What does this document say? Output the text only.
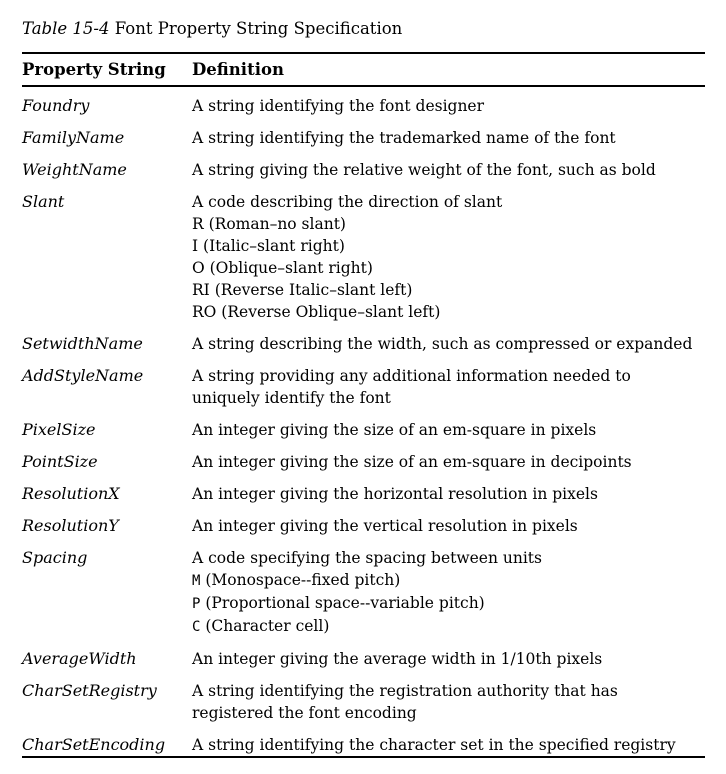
Table 15-4 Font Property String Specification
Property String	Definition
Foundry	A string identifying the font designer
FamilyName	A string identifying the trademarked name of the font
WeightName	A string giving the relative weight of the font, such as bold
Slant	A code describing the direction of slant
R (Roman–no slant)
I (Italic–slant right)
O (Oblique–slant right)
RI (Reverse Italic–slant left)
RO (Reverse Oblique–slant left)
SetwidthName	A string describing the width, such as compressed or expanded
AddStyleName	A string providing any additional information needed to
uniquely identify the font
PixelSize	An integer giving the size of an em-square in pixels
PointSize	An integer giving the size of an em-square in decipoints
ResolutionX	An integer giving the horizontal resolution in pixels
ResolutionY	An integer giving the vertical resolution in pixels
Spacing	A code specifying the spacing between units
M (Monospace--fixed pitch)
P (Proportional space--variable pitch)
C (Character cell)
AverageWidth	An integer giving the average width in 1/10th pixels
CharSetRegistry	A string identifying the registration authority that has
registered the font encoding
CharSetEncoding	A string identifying the character set in the specified registry
